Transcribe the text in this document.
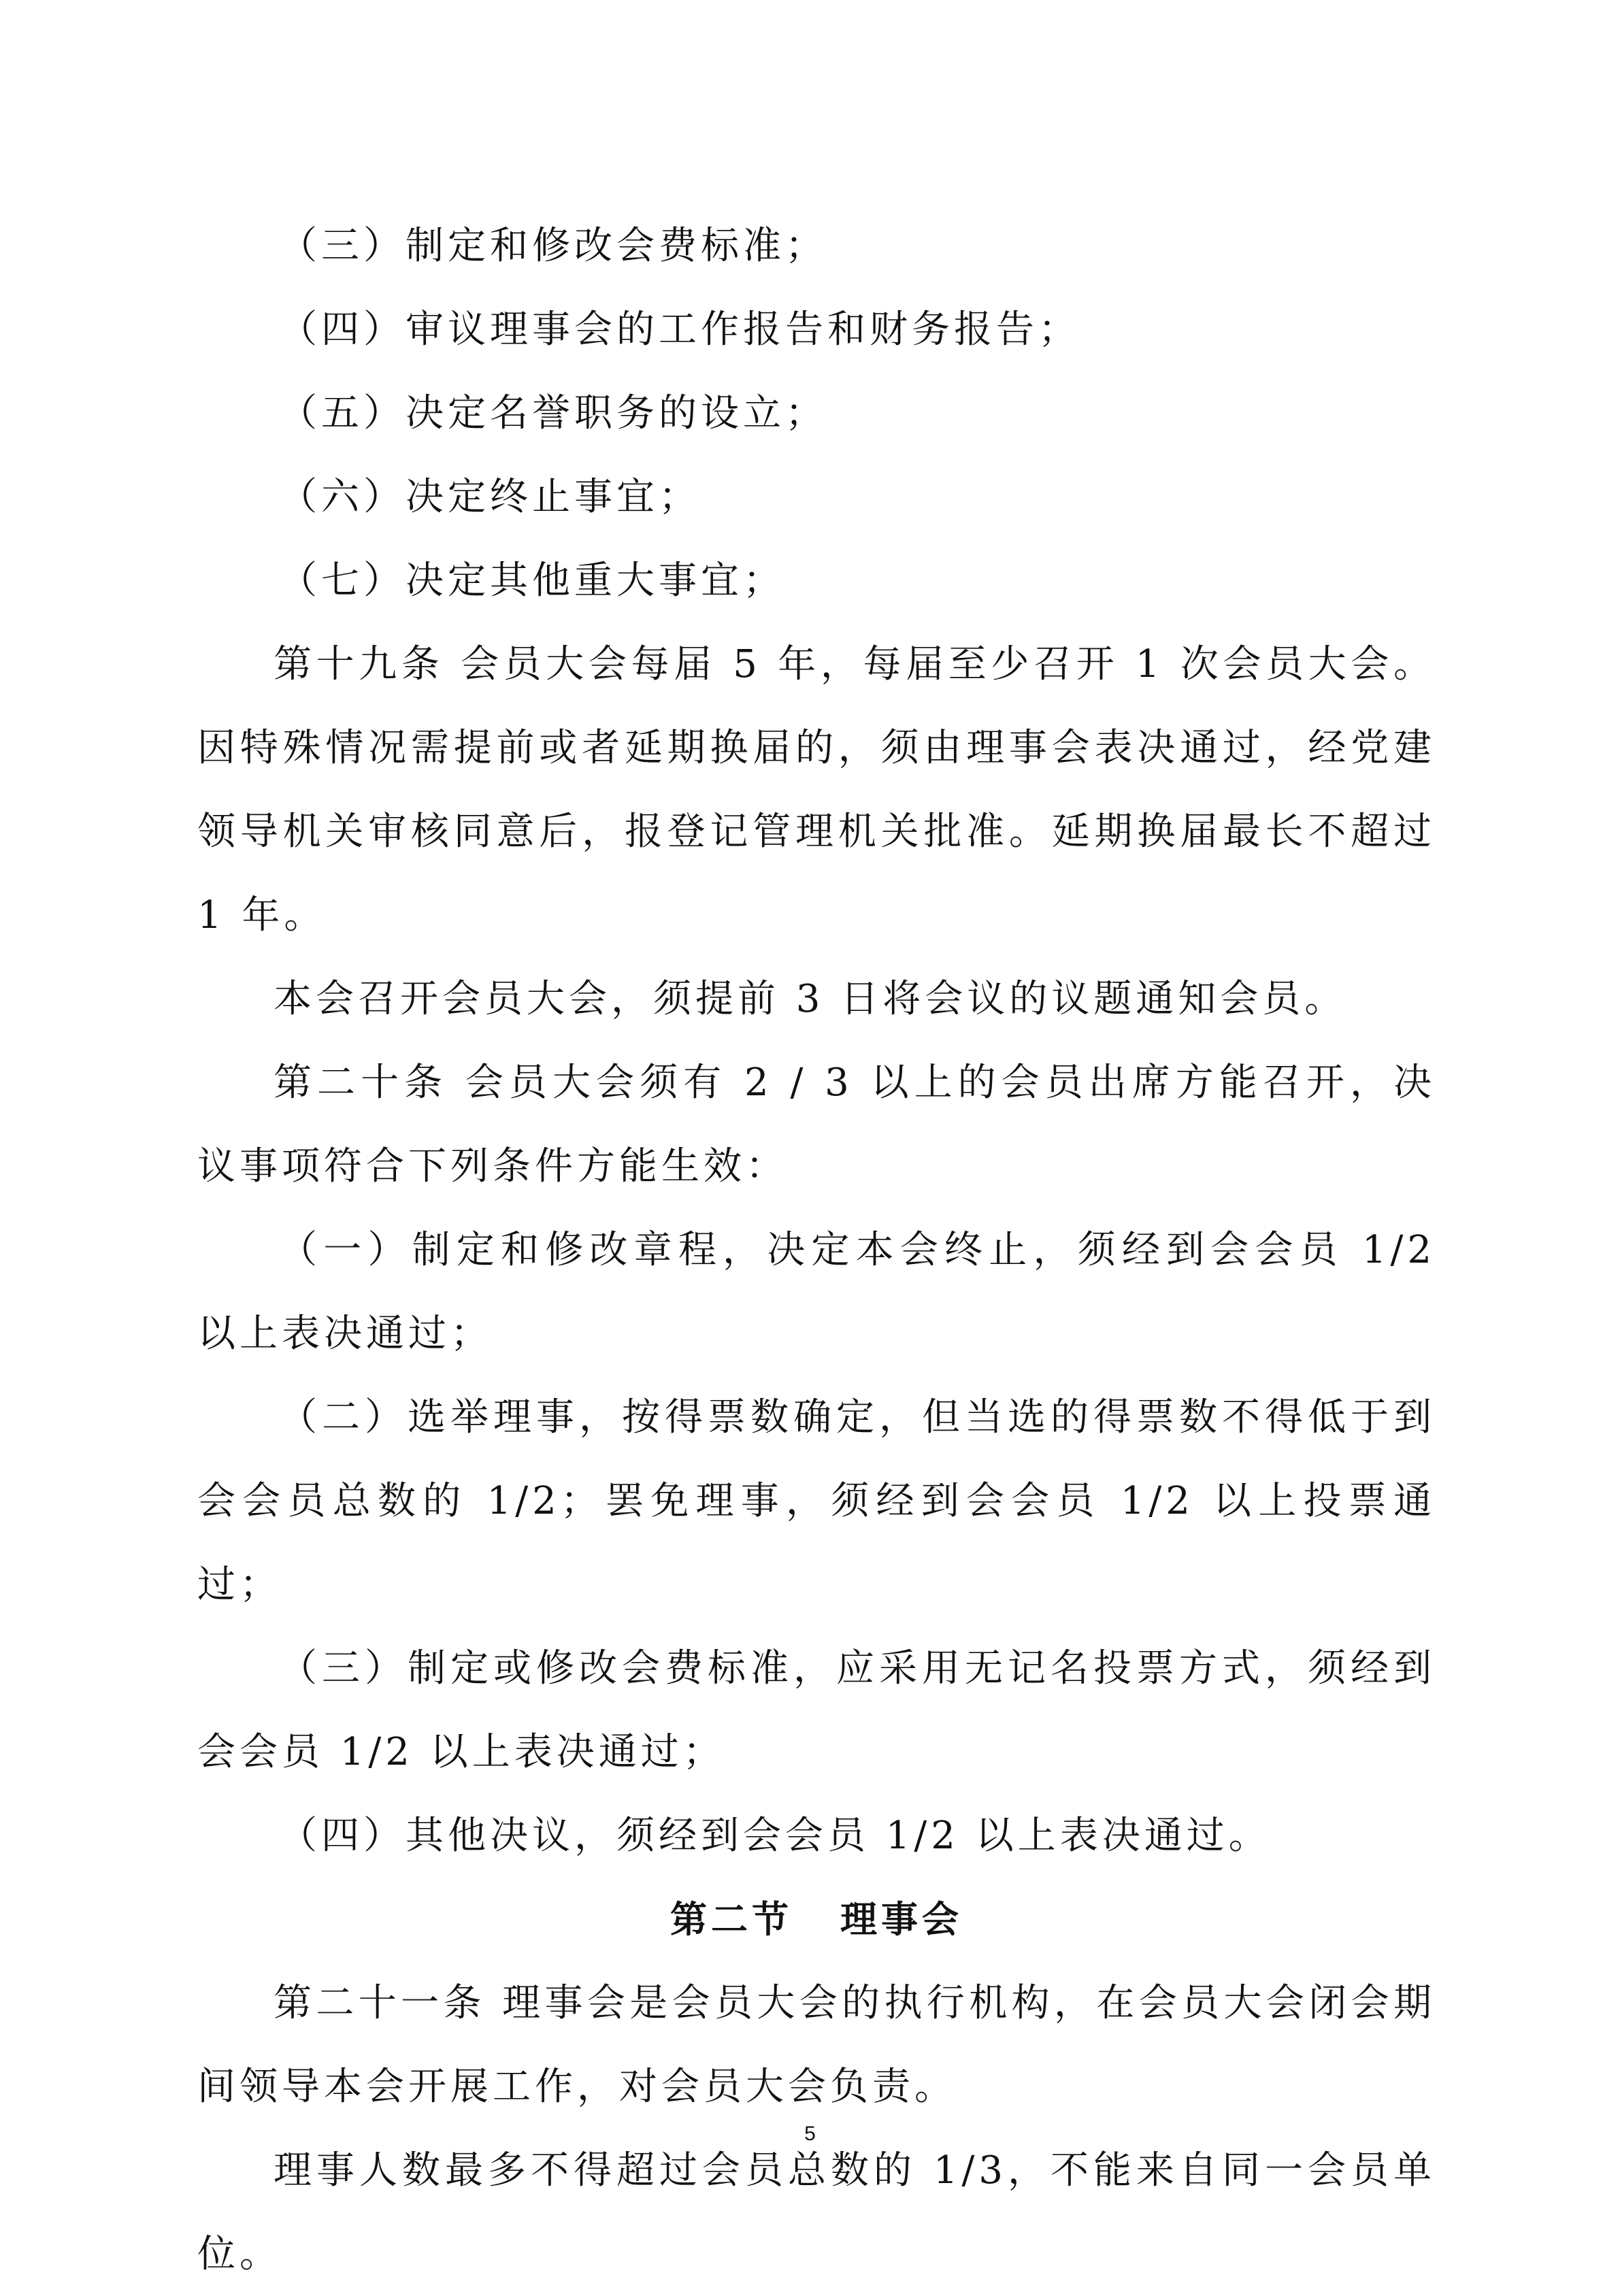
（三）制定和修改会费标准；

（四）审议理事会的工作报告和财务报告；

（五）决定名誉职务的设立；

（六）决定终止事宜；

（七）决定其他重大事宜；

第十九条 会员大会每届 5 年，每届至少召开 1 次会员大会。因特殊情况需提前或者延期换届的，须由理事会表决通过，经党建领导机关审核同意后，报登记管理机关批准。延期换届最长不超过 1 年。

本会召开会员大会，须提前 3 日将会议的议题通知会员。

第二十条 会员大会须有 2 / 3 以上的会员出席方能召开，决议事项符合下列条件方能生效：

（一）制定和修改章程，决定本会终止，须经到会会员 1/2 以上表决通过；

（二）选举理事，按得票数确定，但当选的得票数不得低于到会会员总数的 1/2；罢免理事，须经到会会员 1/2 以上投票通过；

（三）制定或修改会费标准，应采用无记名投票方式，须经到会会员 1/2 以上表决通过；

（四）其他决议，须经到会会员 1/2 以上表决通过。

第二节 理事会

第二十一条 理事会是会员大会的执行机构，在会员大会闭会期间领导本会开展工作，对会员大会负责。

理事人数最多不得超过会员总数的 1/3，不能来自同一会员单位。

5
